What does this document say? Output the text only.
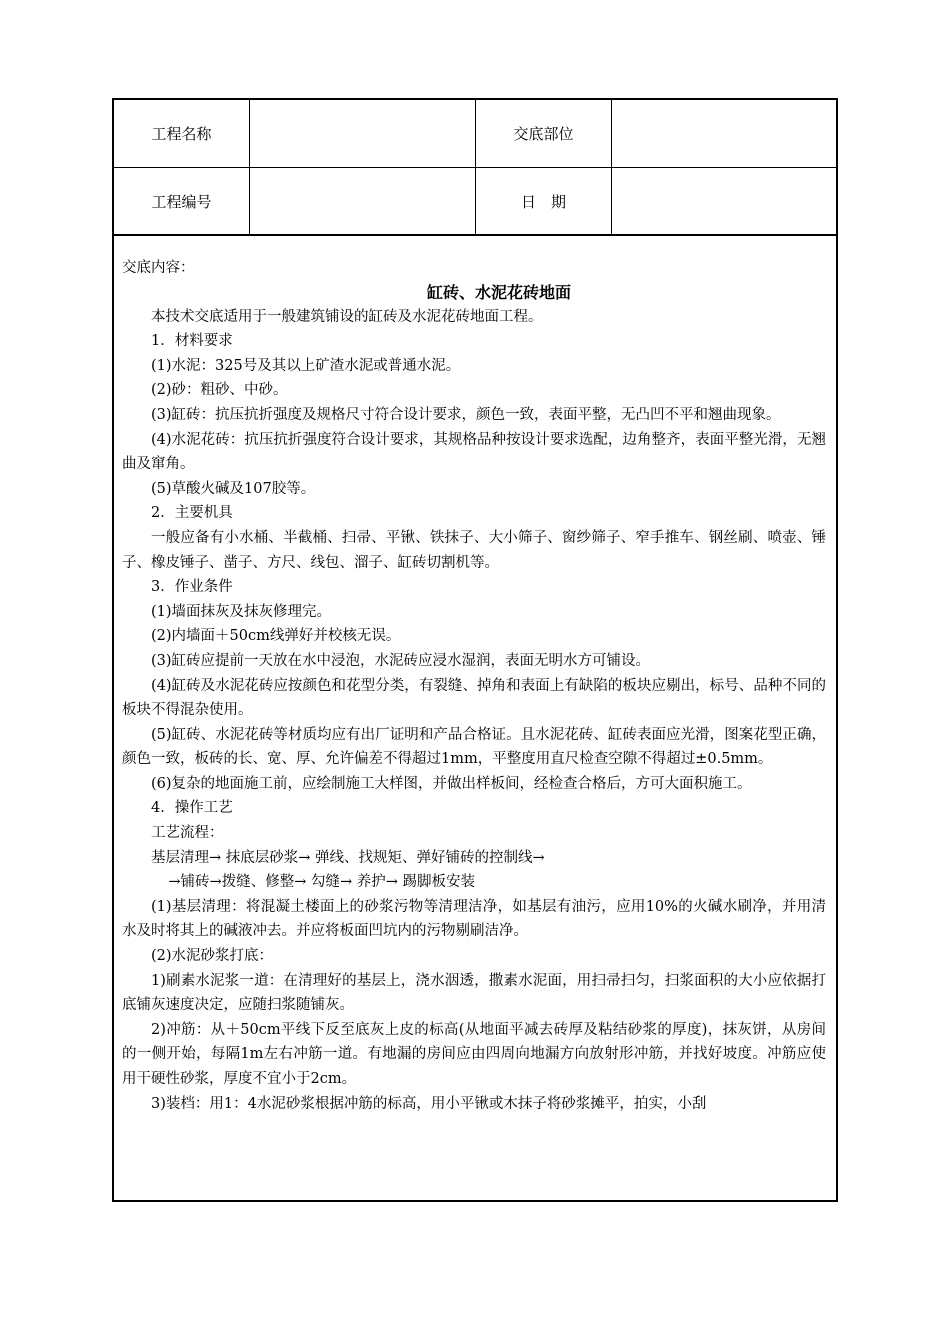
工程名称	交底部位
工程编号	日　期

交底内容：

缸砖、水泥花砖地面

本技术交底适用于一般建筑铺设的缸砖及水泥花砖地面工程。

1．材料要求

(1)水泥：325号及其以上矿渣水泥或普通水泥。

(2)砂：粗砂、中砂。

(3)缸砖：抗压抗折强度及规格尺寸符合设计要求，颜色一致，表面平整，无凸凹不平和翘曲现象。

(4)水泥花砖：抗压抗折强度符合设计要求，其规格品种按设计要求选配，边角整齐，表面平整光滑，无翘曲及窜角。

(5)草酸火碱及107胶等。

2．主要机具

一般应备有小水桶、半截桶、扫帚、平锹、铁抹子、大小筛子、窗纱筛子、窄手推车、钢丝刷、喷壶、锤子、橡皮锤子、凿子、方尺、线包、溜子、缸砖切割机等。

3．作业条件

(1)墙面抹灰及抹灰修理完。

(2)内墙面＋50cm线弹好并校核无误。

(3)缸砖应提前一天放在水中浸泡，水泥砖应浸水湿润，表面无明水方可铺设。

(4)缸砖及水泥花砖应按颜色和花型分类，有裂缝、掉角和表面上有缺陷的板块应剔出，标号、品种不同的板块不得混杂使用。

(5)缸砖、水泥花砖等材质均应有出厂证明和产品合格证。且水泥花砖、缸砖表面应光滑，图案花型正确，颜色一致，板砖的长、宽、厚、允许偏差不得超过1mm，平整度用直尺检查空隙不得超过±0.5mm。

(6)复杂的地面施工前，应绘制施工大样图，并做出样板间，经检查合格后，方可大面积施工。

4．操作工艺

工艺流程：

基层清理→ 抹底层砂浆→ 弹线、找规矩、弹好铺砖的控制线→

→铺砖→拨缝、修整→ 勾缝→ 养护→ 踢脚板安装

(1)基层清理：将混凝土楼面上的砂浆污物等清理洁净，如基层有油污，应用10%的火碱水刷净，并用清水及时将其上的碱液冲去。并应将板面凹坑内的污物剔刷洁净。

(2)水泥砂浆打底：

1)刷素水泥浆一道：在清理好的基层上，浇水洇透，撒素水泥面，用扫帚扫匀，扫浆面积的大小应依据打底铺灰速度决定，应随扫浆随铺灰。

2)冲筋：从＋50cm平线下反至底灰上皮的标高(从地面平减去砖厚及粘结砂浆的厚度)，抹灰饼，从房间的一侧开始，每隔1m左右冲筋一道。有地漏的房间应由四周向地漏方向放射形冲筋，并找好坡度。冲筋应使用干硬性砂浆，厚度不宜小于2cm。

3)装档：用1：4水泥砂浆根据冲筋的标高，用小平锹或木抹子将砂浆摊平，拍实，小刮
